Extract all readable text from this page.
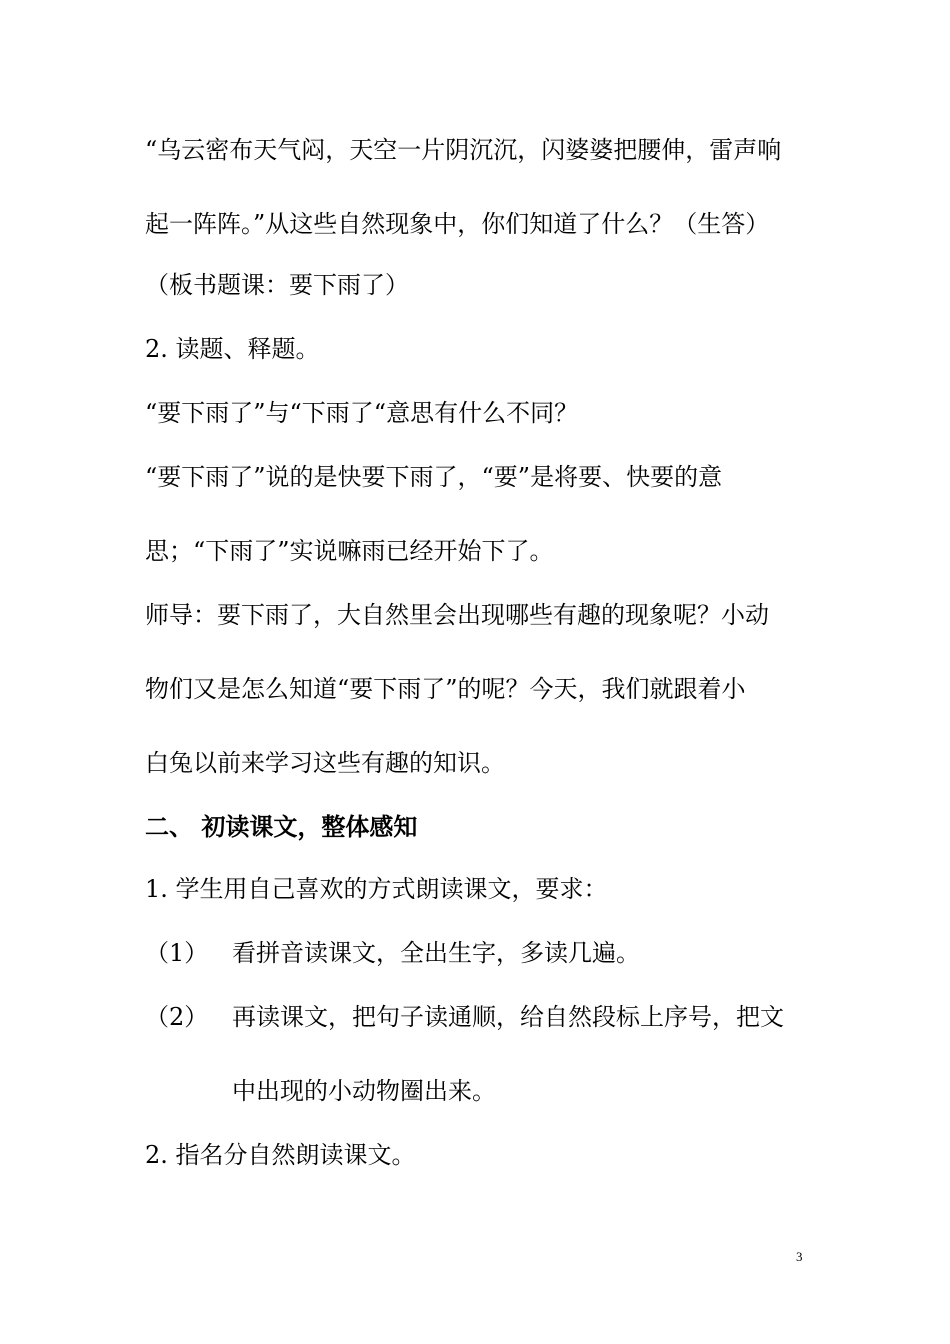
“乌云密布天气闷，天空一片阴沉沉，闪婆婆把腰伸，雷声响
起一阵阵。”从这些自然现象中，你们知道了什么？（生答）
（板书题课：要下雨了）
2. 读题、释题。
“要下雨了”与“下雨了“意思有什么不同？
“要下雨了”说的是快要下雨了，“要”是将要、快要的意
思；“下雨了”实说嘛雨已经开始下了。
师导：要下雨了，大自然里会出现哪些有趣的现象呢？小动
物们又是怎么知道“要下雨了”的呢？今天，我们就跟着小
白兔以前来学习这些有趣的知识。
二、 初读课文，整体感知
1. 学生用自己喜欢的方式朗读课文，要求：
（1） 看拼音读课文，全出生字，多读几遍。
（2） 再读课文，把句子读通顺，给自然段标上序号，把文
中出现的小动物圈出来。
2. 指名分自然朗读课文。
3
